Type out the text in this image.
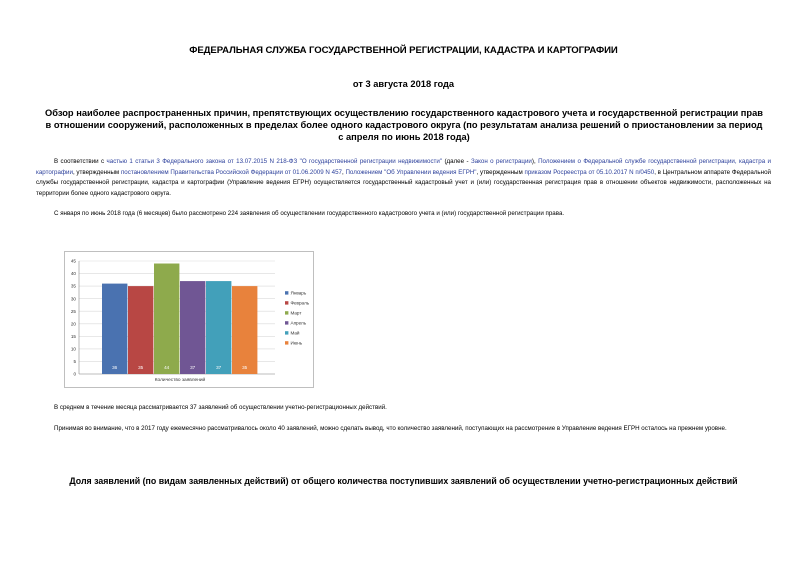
ФЕДЕРАЛЬНАЯ СЛУЖБА ГОСУДАРСТВЕННОЙ РЕГИСТРАЦИИ, КАДАСТРА И КАРТОГРАФИИ
от 3 августа 2018 года
Обзор наиболее распространенных причин, препятствующих осуществлению государственного кадастрового учета и государственной регистрации прав в отношении сооружений, расположенных в пределах более одного кадастрового округа (по результатам анализа решений о приостановлении за период с апреля по июнь 2018 года)
В соответствии с частью 1 статьи 3 Федерального закона от 13.07.2015 N 218-ФЗ "О государственной регистрации недвижимости" (далее - Закон о регистрации), Положением о Федеральной службе государственной регистрации, кадастра и картографии, утвержденным постановлением Правительства Российской Федерации от 01.06.2009 N 457, Положением "Об Управлении ведения ЕГРН", утвержденным приказом Росреестра от 05.10.2017 N п/0450, в Центральном аппарате Федеральной службы государственной регистрации, кадастра и картографии (Управление ведения ЕГРН) осуществляется государственный кадастровый учет и (или) государственная регистрация прав в отношении объектов недвижимости, расположенных на территории более одного кадастрового округа.
С января по июнь 2018 года (6 месяцев) было рассмотрено 224 заявления об осуществлении государственного кадастрового учета и (или) государственной регистрации права.
0
5
10
15
20
25
30
35
40
45
36	35	44	37	37	35
Количество заявлений
Январь
Февраль
Март
Апрель
Май
Июнь
В среднем в течение месяца рассматривается 37 заявлений об осуществлении учетно-регистрационных действий.
Принимая во внимание, что в 2017 году ежемесячно рассматривалось около 40 заявлений, можно сделать вывод, что количество заявлений, поступающих на рассмотрение в Управление ведения ЕГРН осталось на прежнем уровне.
Доля заявлений (по видам заявленных действий) от общего количества поступивших заявлений об осуществлении учетно-регистрационных действий
